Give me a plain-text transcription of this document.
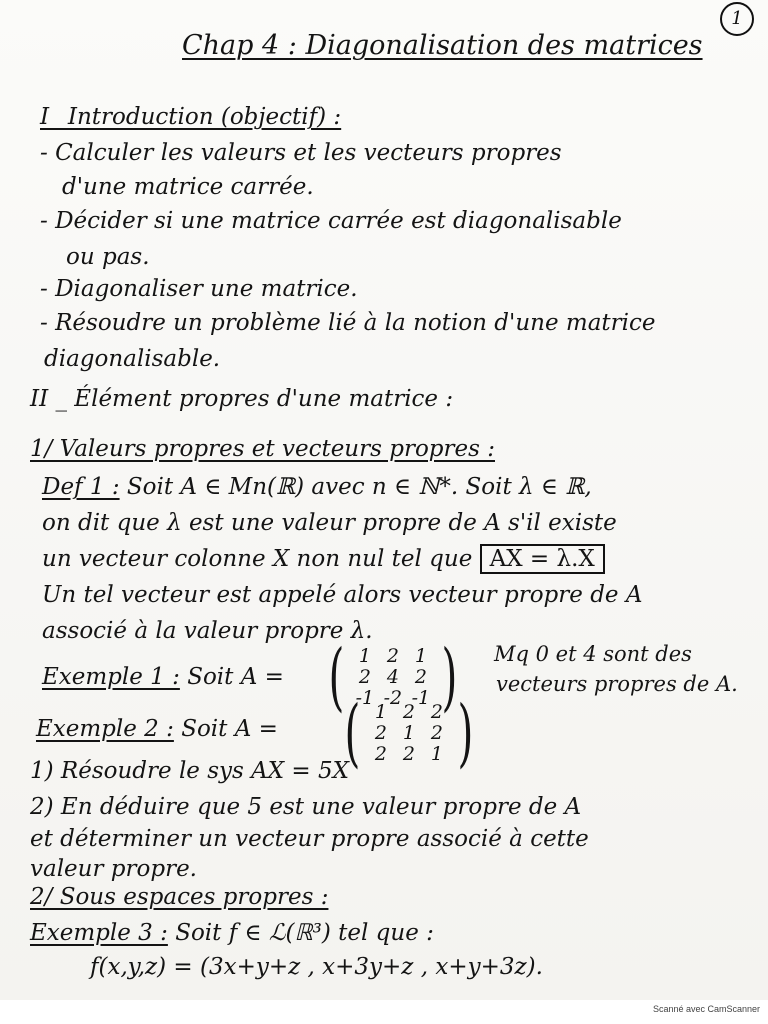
1
Chap 4 : Diagonalisation des matrices
I_ Introduction (objectif) :
- Calculer les valeurs et les vecteurs propres
d'une matrice carrée.
- Décider si une matrice carrée est diagonalisable
ou pas.
- Diagonaliser une matrice.
- Résoudre un problème lié à la notion d'une matrice
diagonalisable.
II _ Élément propres d'une matrice :
1/ Valeurs propres et vecteurs propres :
Def 1 : Soit A ∈ Mn(ℝ) avec n ∈ ℕ*. Soit λ ∈ ℝ,
on dit que λ est une valeur propre de A s'il existe
un vecteur colonne X non nul tel que AX = λ.X
Un tel vecteur est appelé alors vecteur propre de A
associé à la valeur propre λ.
Exemple 1 : Soit A = ( 1 2 1
2 4 2
-1 -2 -1 ) Mq 0 et 4 sont des
vecteurs propres de A.
Exemple 2 : Soit A = ( 1 2 2
2 1 2
2 2 1 )
1) Résoudre le sys AX = 5X
2) En déduire que 5 est une valeur propre de A
et déterminer un vecteur propre associé à cette
valeur propre.
2/ Sous espaces propres :
Exemple 3 : Soit f ∈ ℒ(ℝ³) tel que :
f(x,y,z) = (3x+y+z , x+3y+z , x+y+3z).
Scanné avec CamScanner
